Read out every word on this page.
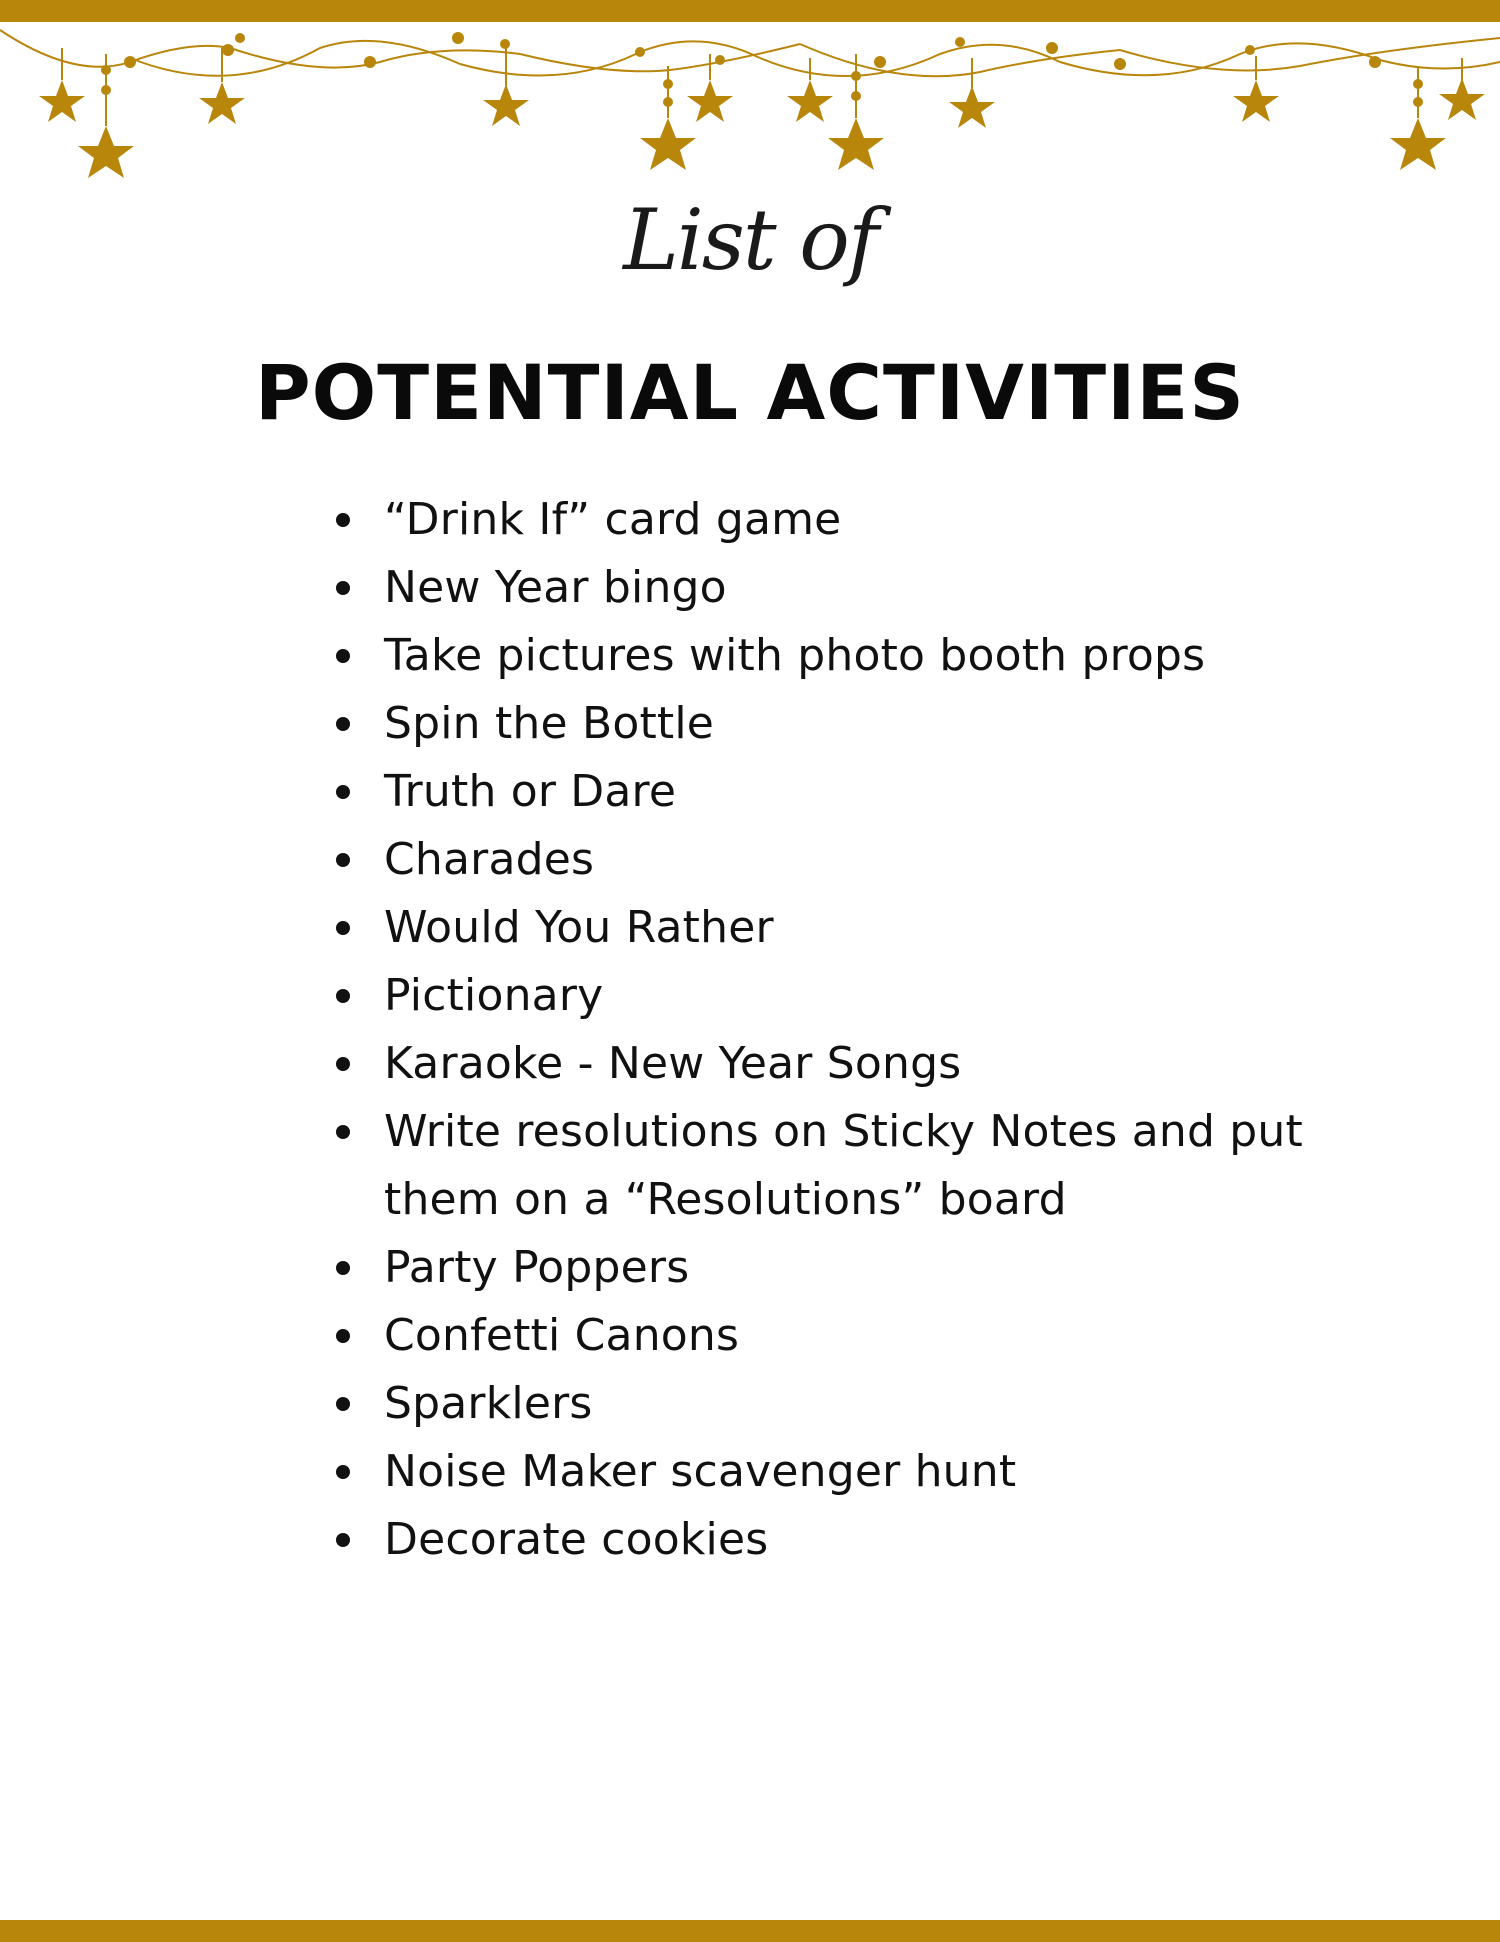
List of
POTENTIAL ACTIVITIES
“Drink If” card game
New Year bingo
Take pictures with photo booth props
Spin the Bottle
Truth or Dare
Charades
Would You Rather
Pictionary
Karaoke - New Year Songs
Write resolutions on Sticky Notes and put them on a “Resolutions” board
Party Poppers
Confetti Canons
Sparklers
Noise Maker scavenger hunt
Decorate cookies
